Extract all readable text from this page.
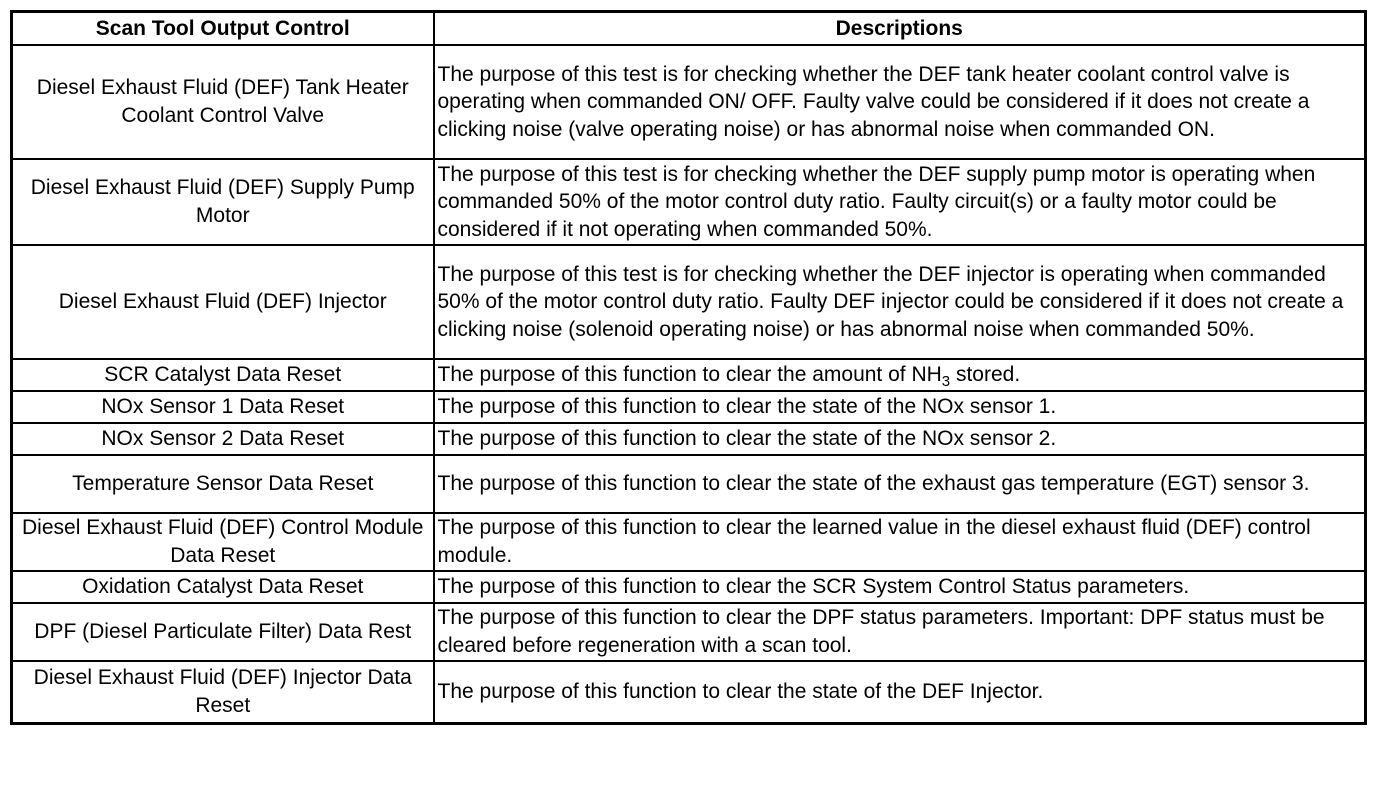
Scan Tool Output Control	Descriptions
Diesel Exhaust Fluid (DEF) Tank Heater Coolant Control Valve	The purpose of this test is for checking whether the DEF tank heater coolant control valve is operating when commanded ON/ OFF. Faulty valve could be considered if it does not create a clicking noise (valve operating noise) or has abnormal noise when commanded ON.
Diesel Exhaust Fluid (DEF) Supply Pump Motor	The purpose of this test is for checking whether the DEF supply pump motor is operating when commanded 50% of the motor control duty ratio. Faulty circuit(s) or a faulty motor could be considered if it not operating when commanded 50%.
Diesel Exhaust Fluid (DEF) Injector	The purpose of this test is for checking whether the DEF injector is operating when commanded 50% of the motor control duty ratio. Faulty DEF injector could be considered if it does not create a clicking noise (solenoid operating noise) or has abnormal noise when commanded 50%.
SCR Catalyst Data Reset	The purpose of this function to clear the amount of $NH_3$ stored.
NOx Sensor 1 Data Reset	The purpose of this function to clear the state of the NOx sensor 1.
NOx Sensor 2 Data Reset	The purpose of this function to clear the state of the NOx sensor 2.
Temperature Sensor Data Reset	The purpose of this function to clear the state of the exhaust gas temperature (EGT) sensor 3.
Diesel Exhaust Fluid (DEF) Control Module Data Reset	The purpose of this function to clear the learned value in the diesel exhaust fluid (DEF) control module.
Oxidation Catalyst Data Reset	The purpose of this function to clear the SCR System Control Status parameters.
DPF (Diesel Particulate Filter) Data Rest	The purpose of this function to clear the DPF status parameters. Important: DPF status must be cleared before regeneration with a scan tool.
Diesel Exhaust Fluid (DEF) Injector Data Reset	The purpose of this function to clear the state of the DEF Injector.
